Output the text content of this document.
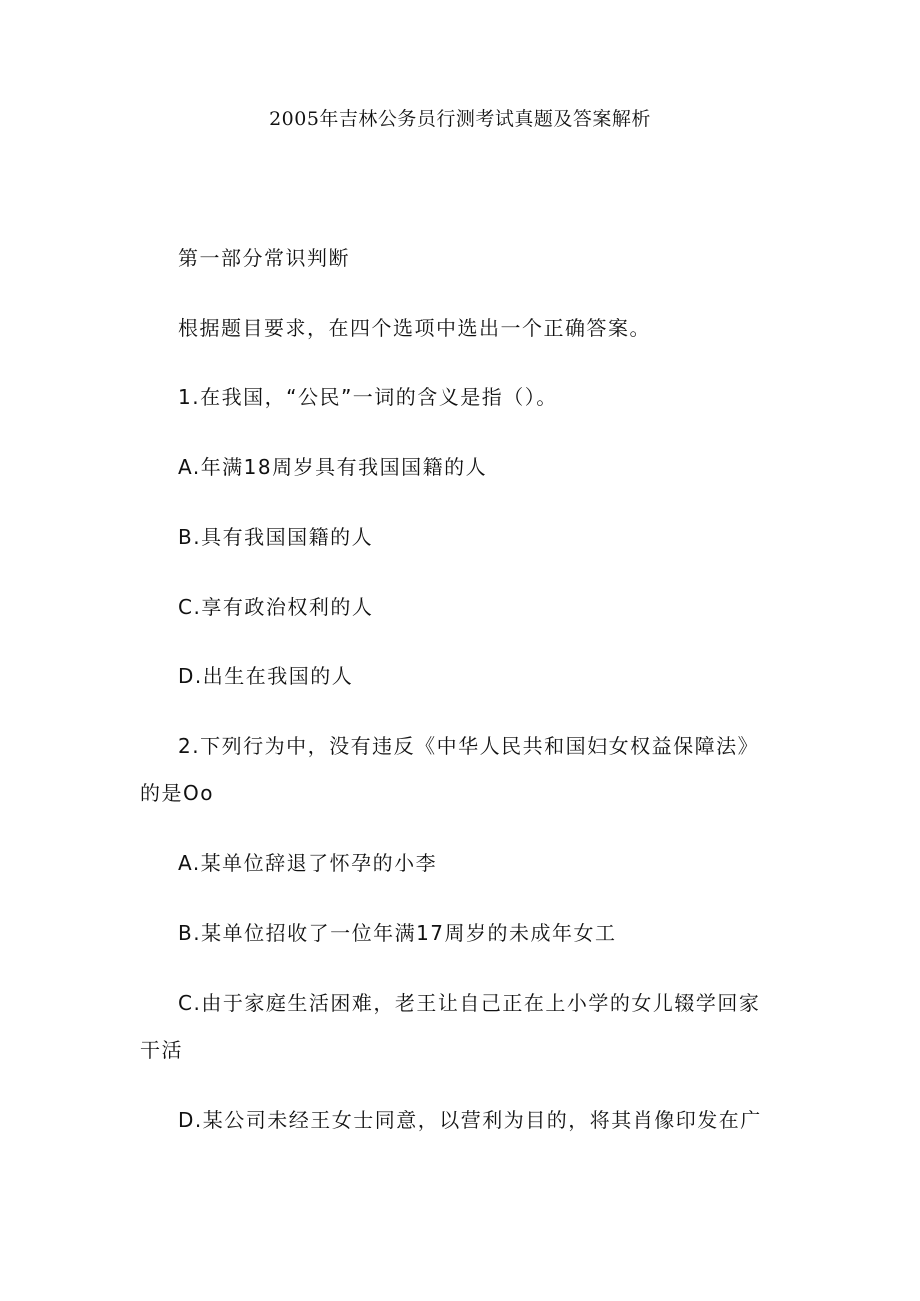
2005年吉林公务员行测考试真题及答案解析
第一部分常识判断
根据题目要求，在四个选项中选出一个正确答案。
1.在我国，“公民”一词的含义是指（）。
A.年满18周岁具有我国国籍的人
B.具有我国国籍的人
C.享有政治权利的人
D.出生在我国的人
2.下列行为中，没有违反《中华人民共和国妇女权益保障法》
的是Oo
A.某单位辞退了怀孕的小李
B.某单位招收了一位年满17周岁的未成年女工
C.由于家庭生活困难，老王让自己正在上小学的女儿辍学回家
干活
D.某公司未经王女士同意，以营利为目的，将其肖像印发在广
